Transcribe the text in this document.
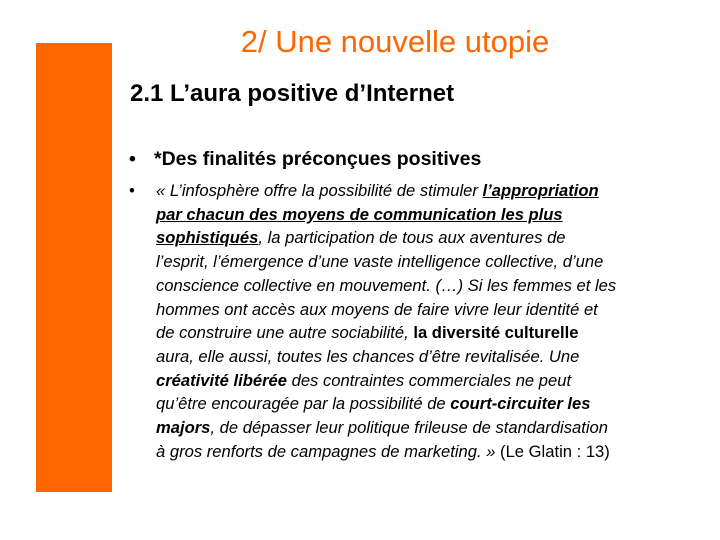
2/ Une nouvelle utopie
2.1 L’aura positive d’Internet
• *Des finalités préconçues positives
• « L’infosphère offre la possibilité de stimuler l’appropriation
par chacun des moyens de communication les plus
sophistiqués, la participation de tous aux aventures de
l’esprit, l’émergence d’une vaste intelligence collective, d’une
conscience collective en mouvement. (…) Si les femmes et les
hommes ont accès aux moyens de faire vivre leur identité et
de construire une autre sociabilité, la diversité culturelle
aura, elle aussi, toutes les chances d’être revitalisée. Une
créativité libérée des contraintes commerciales ne peut
qu’être encouragée par la possibilité de court-circuiter les
majors, de dépasser leur politique frileuse de standardisation
à gros renforts de campagnes de marketing. » (Le Glatin : 13)
